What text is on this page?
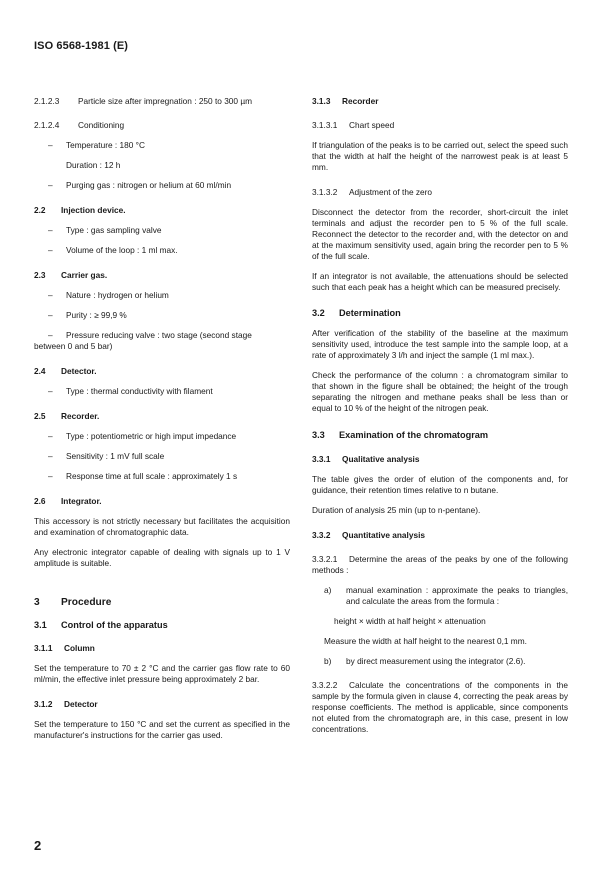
ISO 6568-1981 (E)

2.1.2.3 Particle size after impregnation : 250 to 300 µm

2.1.2.4 Conditioning

–	Temperature : 180 °C

Duration : 12 h

–	Purging gas : nitrogen or helium at 60 ml/min

2.2 Injection device.

–	Type : gas sampling valve
–	Volume of the loop : 1 ml max.

2.3 Carrier gas.

–	Nature : hydrogen or helium
–	Purity : ≥ 99,9 %
–	Pressure reducing valve : two stage (second stage

between 0 and 5 bar)

2.4 Detector.

–	Type : thermal conductivity with filament

2.5 Recorder.

–	Type : potentiometric or high imput impedance
–	Sensitivity : 1 mV full scale
–	Response time at full scale : approximately 1 s

2.6 Integrator.

This accessory is not strictly necessary but facilitates the acquisition and examination of chromatographic data.

Any electronic integrator capable of dealing with signals up to 1 V amplitude is suitable.

3 Procedure

3.1 Control of the apparatus

3.1.1 Column

Set the temperature to 70 ± 2 °C and the carrier gas flow rate to 60 ml/min, the effective inlet pressure being approximately 2 bar.

3.1.2 Detector

Set the temperature to 150 °C and set the current as specified in the manufacturer's instructions for the carrier gas used.

3.1.3 Recorder

3.1.3.1 Chart speed

If triangulation of the peaks is to be carried out, select the speed such that the width at half the height of the narrowest peak is at least 5 mm.

3.1.3.2 Adjustment of the zero

Disconnect the detector from the recorder, short-circuit the inlet terminals and adjust the recorder pen to 5 % of the full scale. Reconnect the detector to the recorder and, with the detector on and at the maximum sensitivity used, again bring the recorder pen to 5 % of the full scale.

If an integrator is not available, the attenuations should be selected such that each peak has a height which can be measured precisely.

3.2 Determination

After verification of the stability of the baseline at the maximum sensitivity used, introduce the test sample into the sample loop, at a rate of approximately 3 l/h and inject the sample (1 ml max.).

Check the performance of the column : a chromatogram similar to that shown in the figure shall be obtained; the height of the trough separating the nitrogen and methane peaks shall be less than or equal to 10 % of the height of the nitrogen peak.

3.3 Examination of the chromatogram

3.3.1 Qualitative analysis

The table gives the order of elution of the components and, for guidance, their retention times relative to n butane.

Duration of analysis 25 min (up to n-pentane).

3.3.2 Quantitative analysis

3.3.2.1 Determine the areas of the peaks by one of the following methods :

a)	manual examination : approximate the peaks to triangles, and calculate the areas from the formula :

height × width at half height × attenuation

Measure the width at half height to the nearest 0,1 mm.

b)	by direct measurement using the integrator (2.6).

3.3.2.2 Calculate the concentrations of the components in the sample by the formula given in clause 4, correcting the peak areas by response coefficients. The method is applicable, since components not eluted from the chromatograph are, in this case, present in low concentrations.

2
